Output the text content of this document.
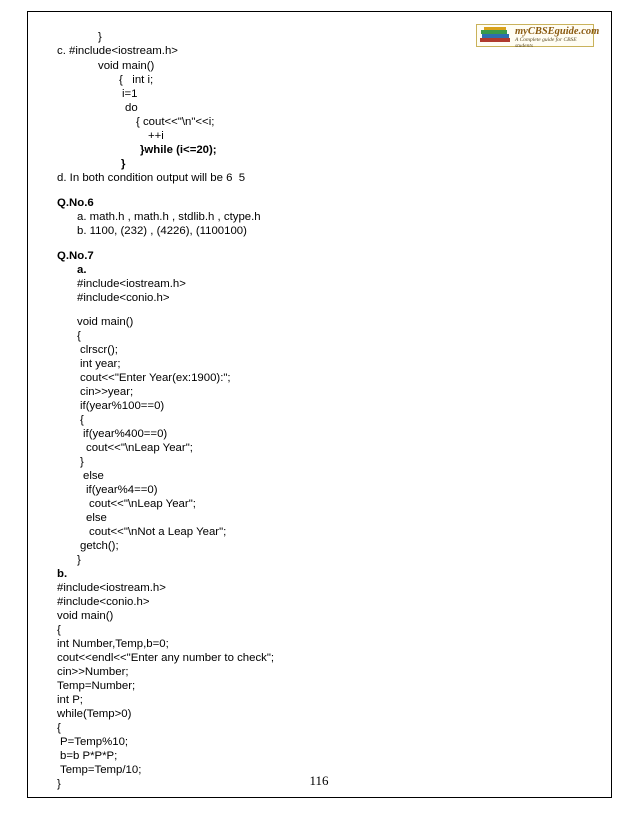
myCBSEguide.com
A Complete guide for CBSE students
}
c. #include<iostream.h>
void main()
{   int i;
i=1
do
{ cout<<"\n"<<i;
++i
}while (i<=20);
}
d. In both condition output will be 6  5
Q.No.6
a. math.h , math.h , stdlib.h , ctype.h
b. 1100, (232) , (4226), (1100100)
Q.No.7
a.
#include<iostream.h>
#include<conio.h>
void main()
{
clrscr();
int year;
cout<<"Enter Year(ex:1900):";
cin>>year;
if(year%100==0)
{
if(year%400==0)
cout<<"\nLeap Year";
}
else
if(year%4==0)
cout<<"\nLeap Year";
else
cout<<"\nNot a Leap Year";
getch();
}
b.
#include<iostream.h>
#include<conio.h>
void main()
{
int Number,Temp,b=0;
cout<<endl<<"Enter any number to check";
cin>>Number;
Temp=Number;
int P;
while(Temp>0)
{
P=Temp%10;
b=b P*P*P;
Temp=Temp/10;
}	116
